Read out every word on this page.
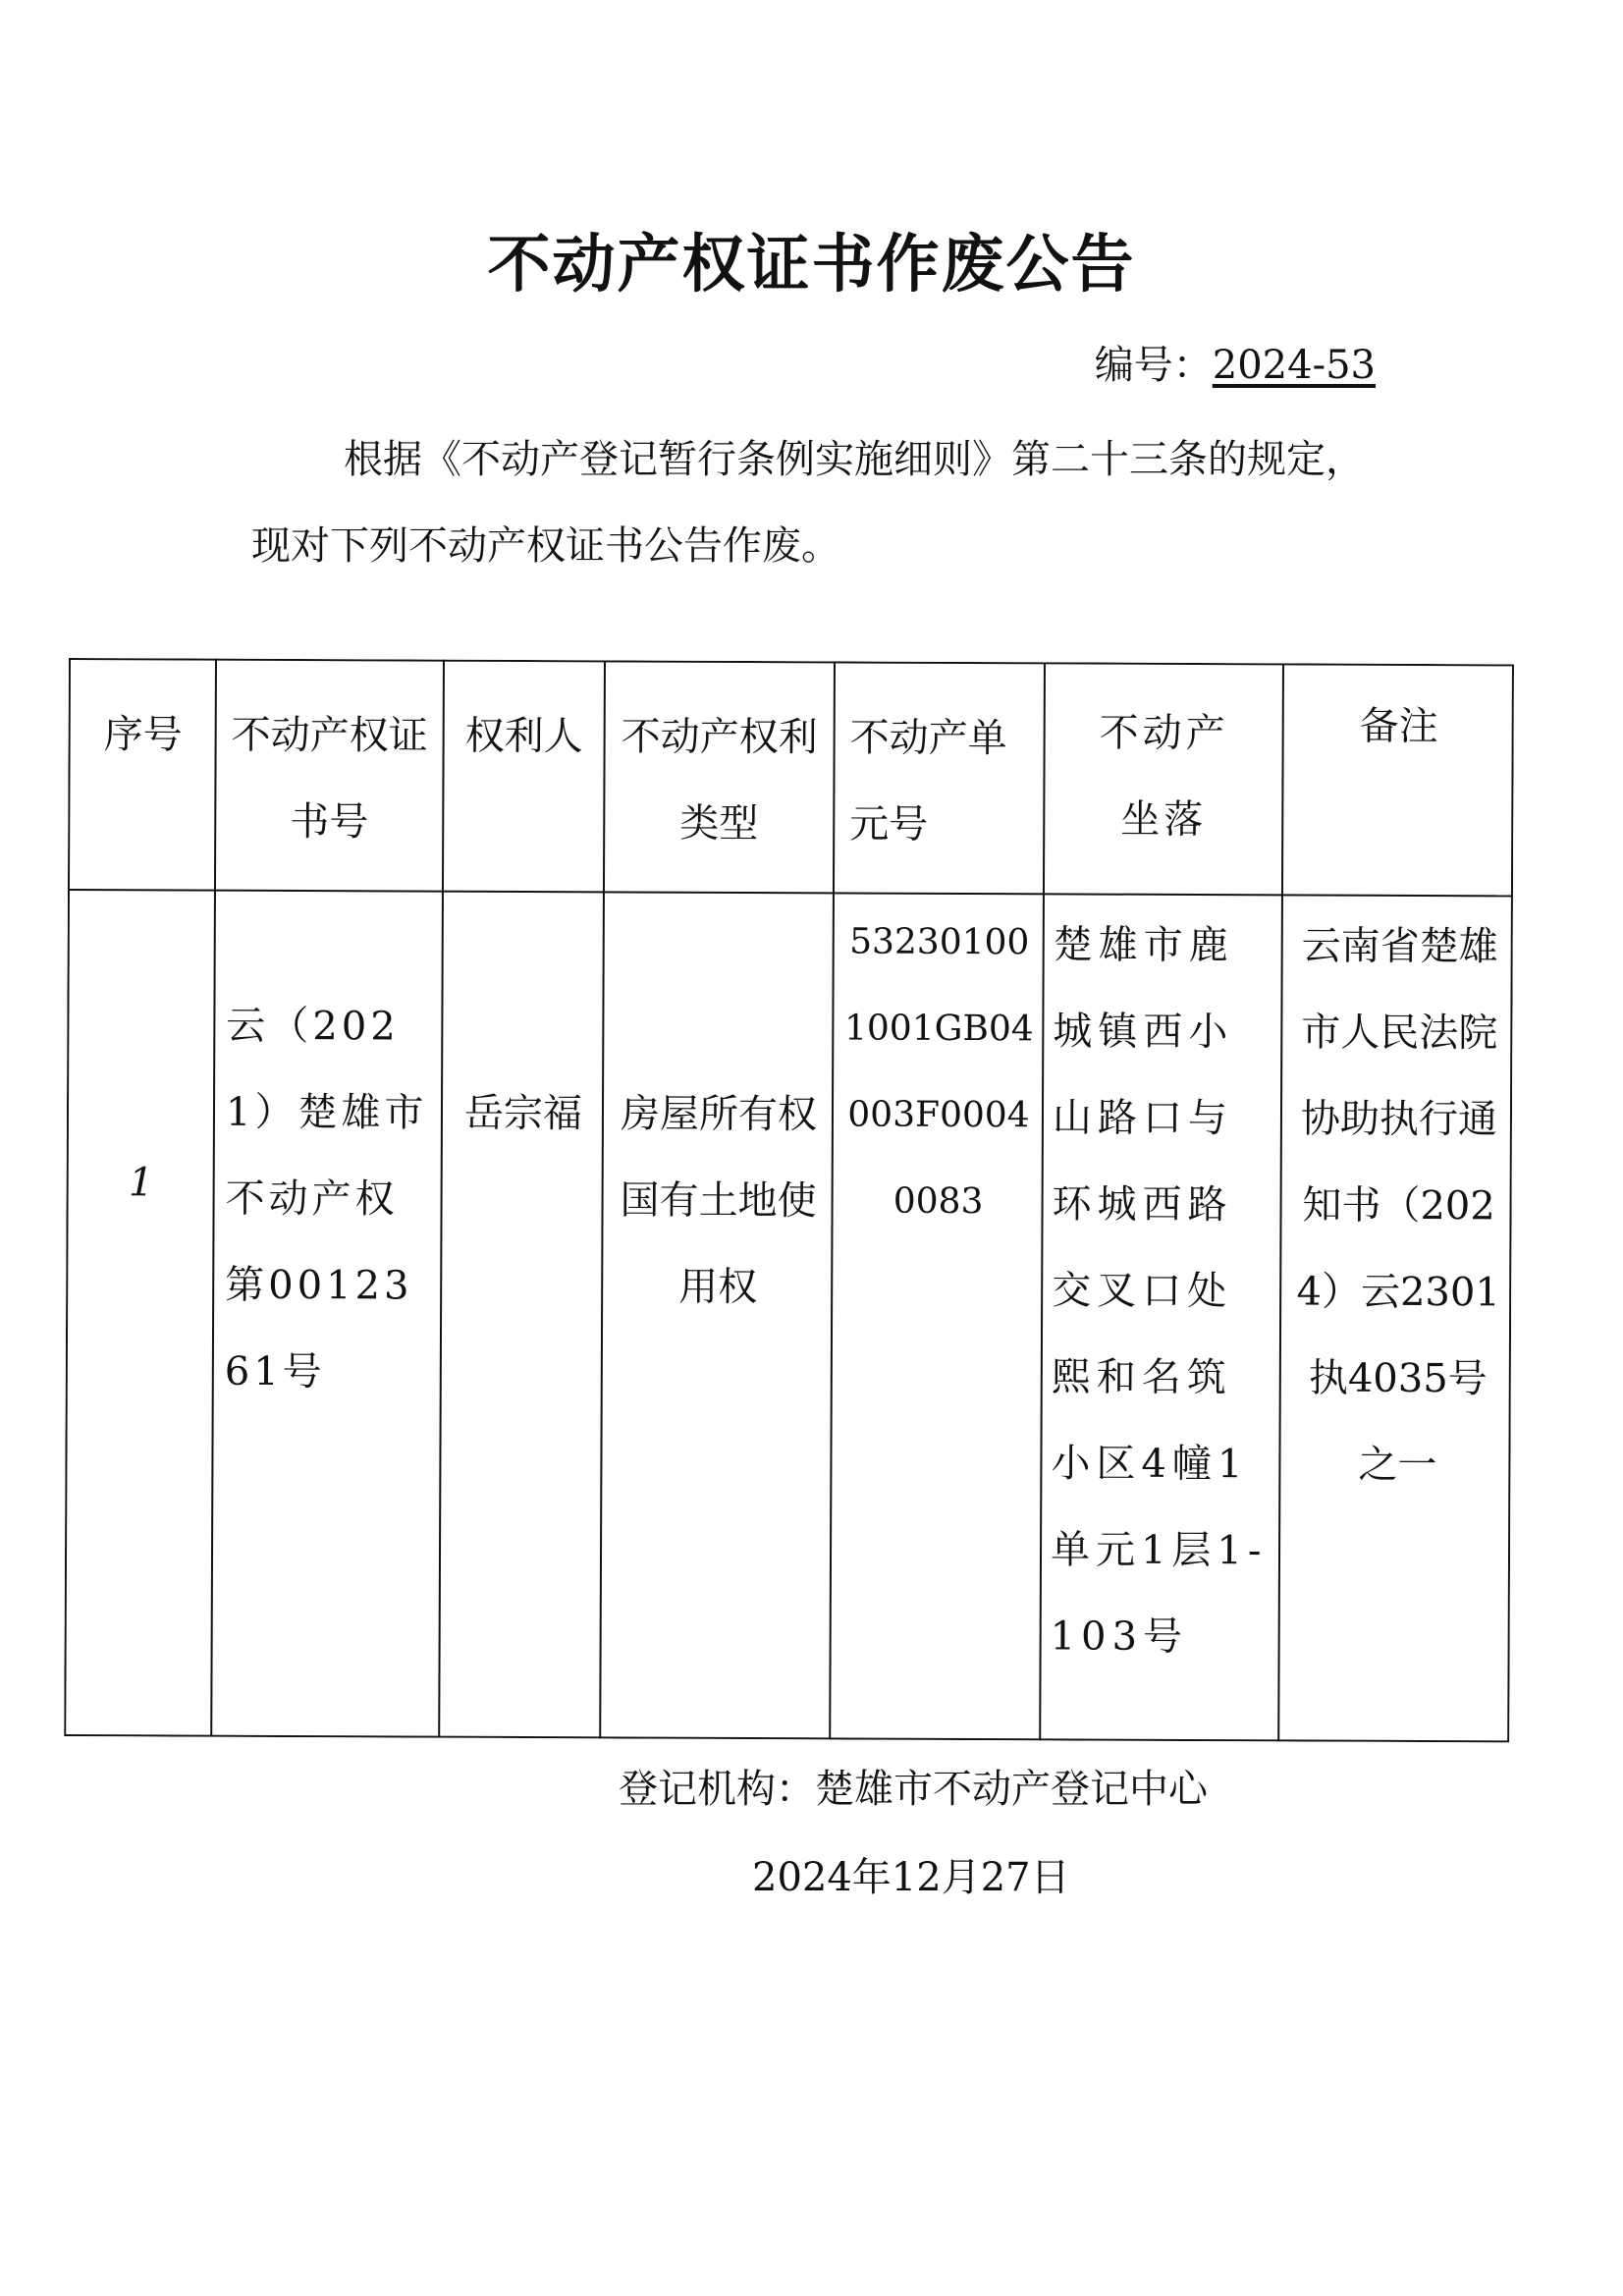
不动产权证书作废公告
编号：2024-53
根据《不动产登记暂行条例实施细则》第二十三条的规定，现对下列不动产权证书公告作废。
序号	不动产权证书号
权利人 不动产权利类型
不动产单元号
不动产坐落
备注
1
云（2021）楚雄市不动产权第0012361号
岳宗福 房屋所有权
国有土地使用权
532301001001GB04003F00040083
楚雄市鹿城镇西小山路口与环城西路交叉口处熙和名筑小区4幢1单元1层1-103号
云南省楚雄市人民法院协助执行通知书（2024）云2301执4035号之一
登记机构：楚雄市不动产登记中心
2024年12月27日
